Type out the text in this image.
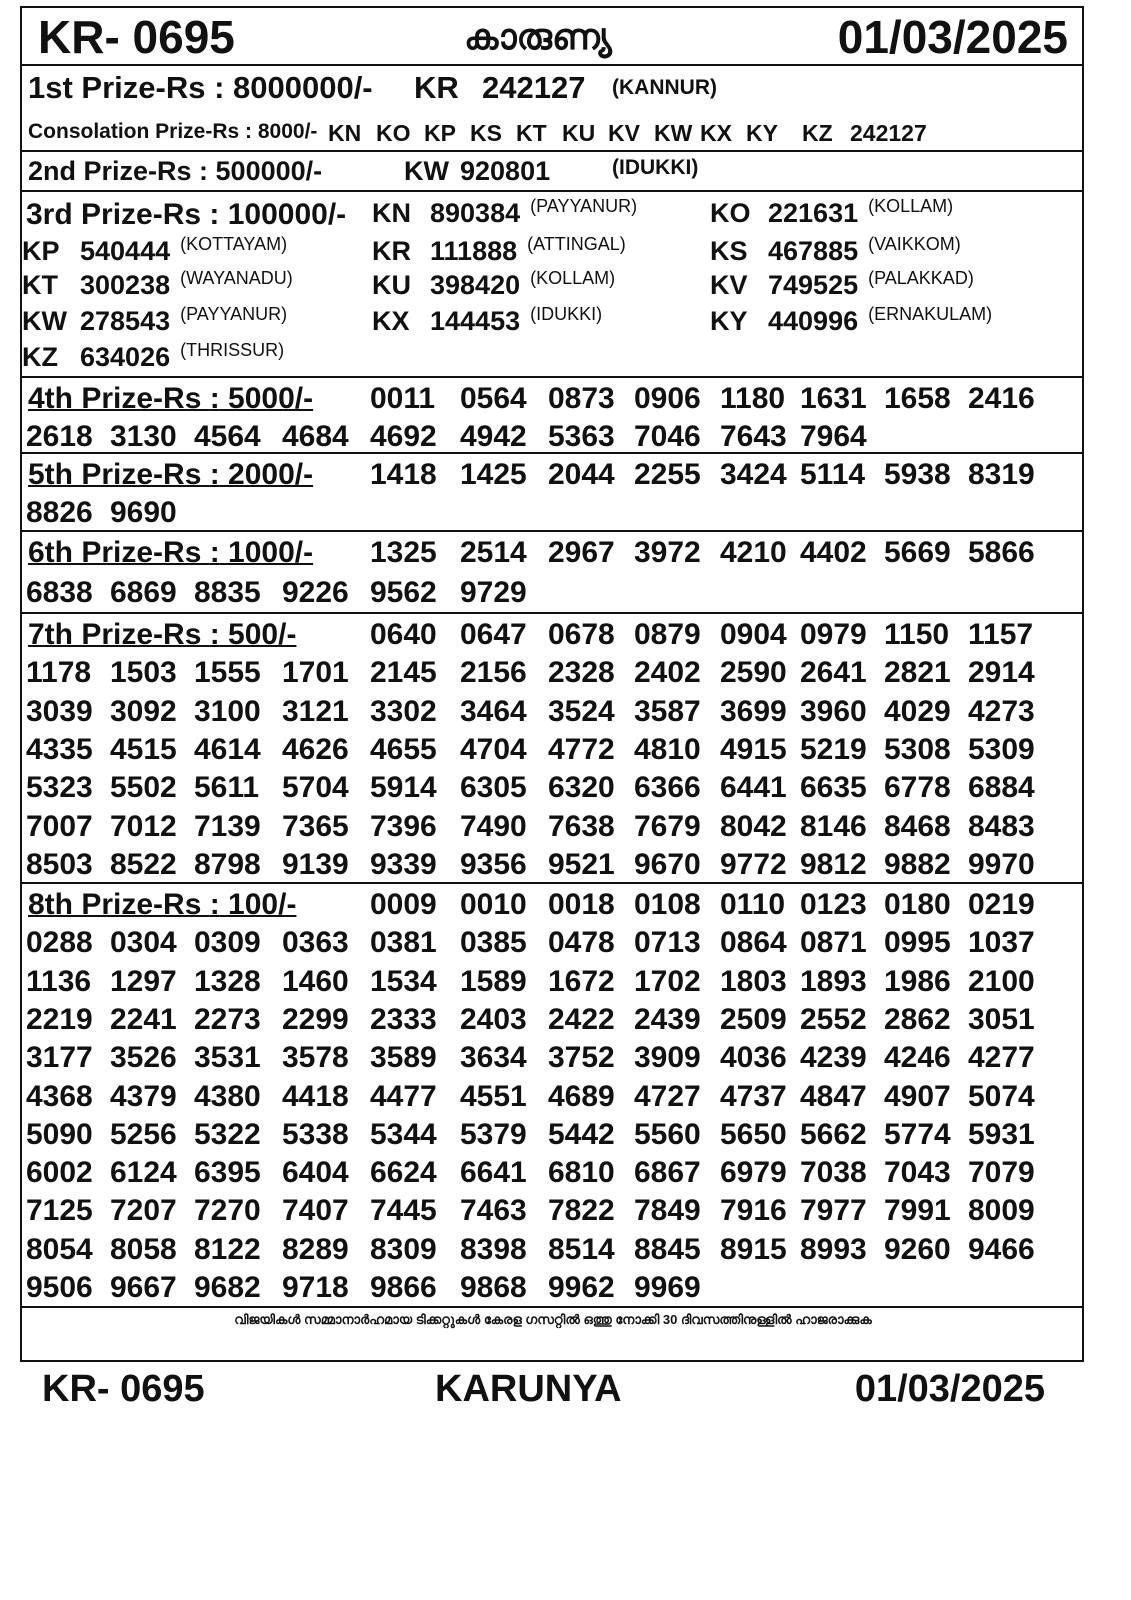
KR- 0695	കാരുണ്യ	01/03/2025
1st Prize-Rs : 8000000/- KR 242127 (KANNUR)
Consolation Prize-Rs : 8000/-	242127
KN KO KP KS KT KU KV KW KX KY KZ
2nd Prize-Rs : 500000/-	KW 920801	(IDUKKI)
3rd Prize-Rs : 100000/- KN 890384 $^{(PAYYANUR)}$	KO 221631 $^{(KOLLAM)}$
KP 540444 $^{(KOTTAYAM)}$	KR 111888 $^{(ATTINGAL)}$	KS 467885 $^{(VAIKKOM)}$
KT 300238 $^{(WAYANADU)}$	KU 398420 $^{(KOLLAM)}$	KV 749525 $^{(PALAKKAD)}$
KW 278543 $^{(PAYYANUR)}$	KX 144453 $^{(IDUKKI)}$	KY 440996 $^{(ERNAKULAM)}$
KZ 634026 $^{(THRISSUR)}$
4th Prize-Rs : 5000/- 0011 0564 0873 0906 1180 1631 1658 2416
2618 3130 4564 4684 4692 4942 5363 7046 7643 7964
5th Prize-Rs : 2000/- 1418 1425 2044 2255 3424 5114 5938 8319
8826 9690
6th Prize-Rs : 1000/- 1325 2514 2967 3972 4210 4402 5669 5866
6838 6869 8835 9226 9562 9729
7th Prize-Rs : 500/- 0640 0647 0678 0879 0904 0979 1150 1157
1178 1503 1555 1701 2145 2156 2328 2402 2590 2641 2821 2914
3039 3092 3100 3121 3302 3464 3524 3587 3699 3960 4029 4273
4335 4515 4614 4626 4655 4704 4772 4810 4915 5219 5308 5309
5323 5502 5611 5704 5914 6305 6320 6366 6441 6635 6778 6884
7007 7012 7139 7365 7396 7490 7638 7679 8042 8146 8468 8483
8503 8522 8798 9139 9339 9356 9521 9670 9772 9812 9882 9970
8th Prize-Rs : 100/- 0009 0010 0018 0108 0110 0123 0180 0219
0288 0304 0309 0363 0381 0385 0478 0713 0864 0871 0995 1037
1136 1297 1328 1460 1534 1589 1672 1702 1803 1893 1986 2100
2219 2241 2273 2299 2333 2403 2422 2439 2509 2552 2862 3051
3177 3526 3531 3578 3589 3634 3752 3909 4036 4239 4246 4277
4368 4379 4380 4418 4477 4551 4689 4727 4737 4847 4907 5074
5090 5256 5322 5338 5344 5379 5442 5560 5650 5662 5774 5931
6002 6124 6395 6404 6624 6641 6810 6867 6979 7038 7043 7079
7125 7207 7270 7407 7445 7463 7822 7849 7916 7977 7991 8009
8054 8058 8122 8289 8309 8398 8514 8845 8915 8993 9260 9466
9506 9667 9682 9718 9866 9868 9962 9969
വിജയികൾ സമ്മാനാർഹമായ ടിക്കറ്റുകൾ കേരള ഗസറ്റിൽ ഒത്തു നോക്കി 30 ദിവസത്തിനുള്ളിൽ ഹാജരാക്കുക
KR- 0695	KARUNYA	01/03/2025
